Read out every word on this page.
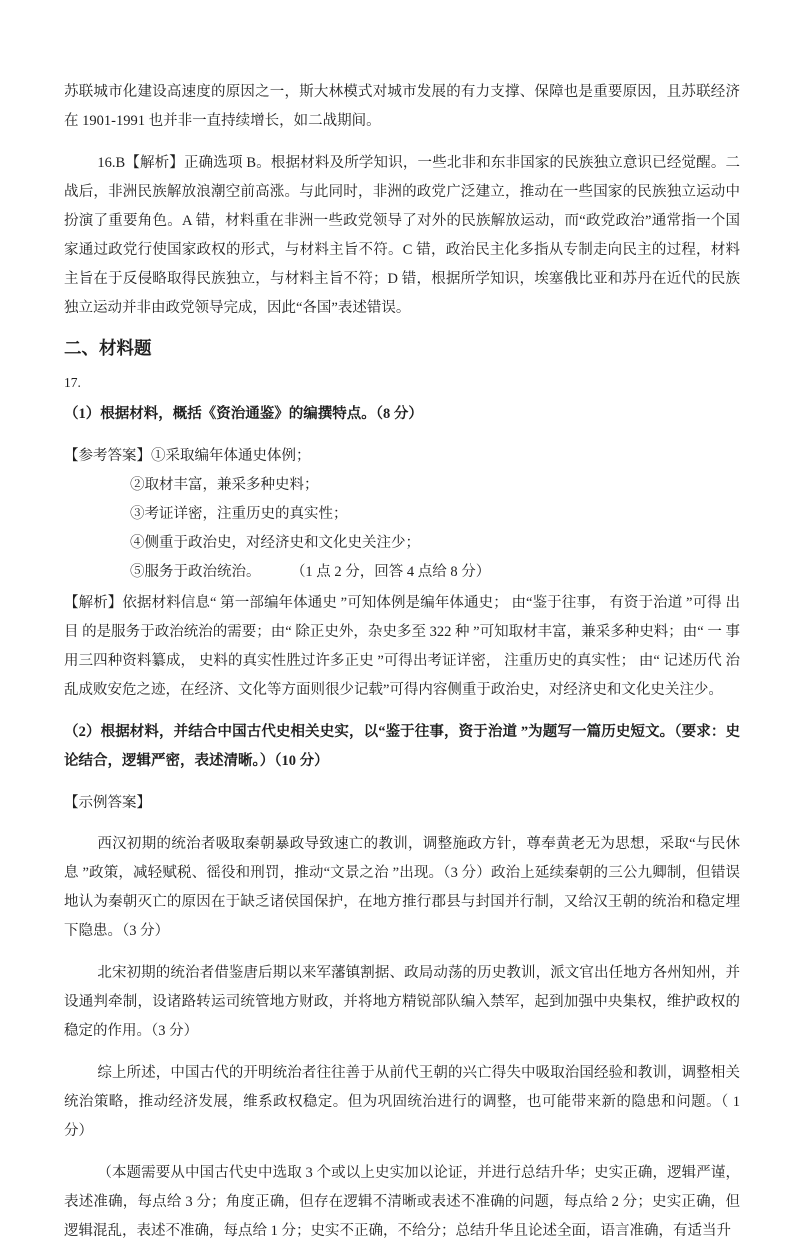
苏联城市化建设高速度的原因之一，斯大林模式对城市发展的有力支撑、保障也是重要原因，且苏联经济在 1901-1991 也并非一直持续增长，如二战期间。

16.B【解析】正确选项 B。根据材料及所学知识，一些北非和东非国家的民族独立意识已经觉醒。二战后，非洲民族解放浪潮空前高涨。与此同时，非洲的政党广泛建立，推动在一些国家的民族独立运动中扮演了重要角色。A 错，材料重在非洲一些政党领导了对外的民族解放运动，而“政党政治”通常指一个国家通过政党行使国家政权的形式，与材料主旨不符。C 错，政治民主化多指从专制走向民主的过程，材料主旨在于反侵略取得民族独立，与材料主旨不符；D 错，根据所学知识，埃塞俄比亚和苏丹在近代的民族独立运动并非由政党领导完成，因此“各国”表述错误。

二、材料题

17.

（1）根据材料，概括《资治通鉴》的编撰特点。（8 分）

【参考答案】①采取编年体通史体例；

②取材丰富，兼采多种史料；

③考证详密，注重历史的真实性；

④侧重于政治史，对经济史和文化史关注少；

⑤服务于政治统治。	（1 点 2 分，回答 4 点给 8 分）

【解析】依据材料信息“ 第一部编年体通史 ”可知体例是编年体通史； 由“鉴于往事， 有资于治道 ”可得 出目 的是服务于政治统治的需要；由“ 除正史外，杂史多至 322 种 ”可知取材丰富，兼采多种史料；由“ 一 事用三四种资料纂成， 史料的真实性胜过许多正史 ”可得出考证详密， 注重历史的真实性； 由“ 记述历代 治乱成败安危之迹，在经济、文化等方面则很少记载”可得内容侧重于政治史，对经济史和文化史关注少。

（2）根据材料，并结合中国古代史相关史实，以“鉴于往事，资于治道 ”为题写一篇历史短文。（要求：史论结合，逻辑严密，表述清晰。）（10 分）

【示例答案】

西汉初期的统治者吸取秦朝暴政导致速亡的教训，调整施政方针，尊奉黄老无为思想，采取“与民休息 ”政策，减轻赋税、徭役和刑罚，推动“文景之治 ”出现。（3 分）政治上延续秦朝的三公九卿制，但错误地认为秦朝灭亡的原因在于缺乏诸侯国保护，在地方推行郡县与封国并行制，又给汉王朝的统治和稳定埋下隐患。（3 分）

北宋初期的统治者借鉴唐后期以来军藩镇割据、政局动荡的历史教训，派文官出任地方各州知州，并设通判牵制，设诸路转运司统管地方财政，并将地方精锐部队编入禁军，起到加强中央集权，维护政权的稳定的作用。（3 分）

综上所述，中国古代的开明统治者往往善于从前代王朝的兴亡得失中吸取治国经验和教训，调整相关统治策略，推动经济发展，维系政权稳定。但为巩固统治进行的调整，也可能带来新的隐患和问题。（ 1 分）

（本题需要从中国古代史中选取 3 个或以上史实加以论证，并进行总结升华；史实正确，逻辑严谨，表述准确，每点给 3 分；角度正确，但存在逻辑不清晰或表述不准确的问题，每点给 2 分；史实正确，但逻辑混乱，表述不准确，每点给 1 分；史实不正确，不给分；总结升华且论述全面，语言准确，有适当升
